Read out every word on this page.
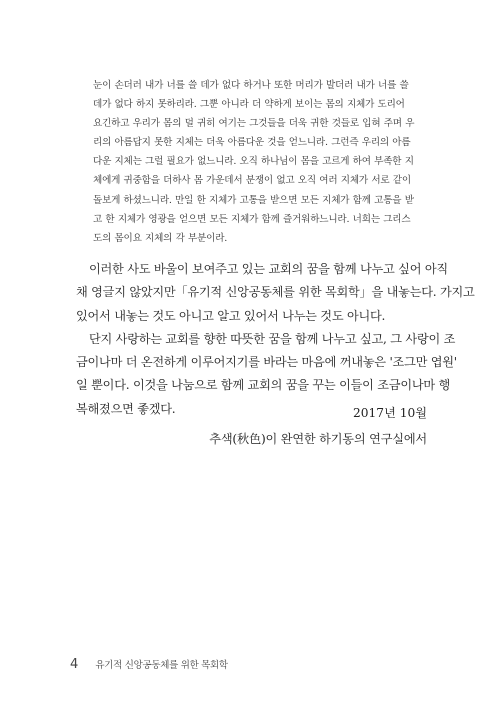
눈이 손더러 내가 너를 쓸 데가 없다 하거나 또한 머리가 발더러 내가 너를 쓸
데가 없다 하지 못하리라. 그뿐 아니라 더 약하게 보이는 몸의 지체가 도리어
요긴하고 우리가 몸의 덜 귀히 여기는 그것들을 더욱 귀한 것들로 입혀 주며 우
리의 아름답지 못한 지체는 더욱 아름다운 것을 얻느니라. 그런즉 우리의 아름
다운 지체는 그럴 필요가 없느니라. 오직 하나님이 몸을 고르게 하여 부족한 지
체에게 귀중함을 더하사 몸 가운데서 분쟁이 없고 오직 여러 지체가 서로 같이
돌보게 하셨느니라. 만일 한 지체가 고통을 받으면 모든 지체가 함께 고통을 받
고 한 지체가 영광을 얻으면 모든 지체가 함께 즐거워하느니라. 너희는 그리스
도의 몸이요 지체의 각 부분이라.
이러한 사도 바울이 보여주고 있는 교회의 꿈을 함께 나누고 싶어 아직
채 영글지 않았지만「유기적 신앙공동체를 위한 목회학」을 내놓는다. 가지고
있어서 내놓는 것도 아니고 알고 있어서 나누는 것도 아니다.
단지 사랑하는 교회를 향한 따뜻한 꿈을 함께 나누고 싶고, 그 사랑이 조
금이나마 더 온전하게 이루어지기를 바라는 마음에 꺼내놓은 '조그만 엽원'
일 뿐이다. 이것을 나눔으로 함께 교회의 꿈을 꾸는 이들이 조금이나마 행
복해졌으면 좋겠다.	2017년 10월
추색(秋色)이 완연한 하기동의 연구실에서
4 유기적 신앙공동체를 위한 목회학
